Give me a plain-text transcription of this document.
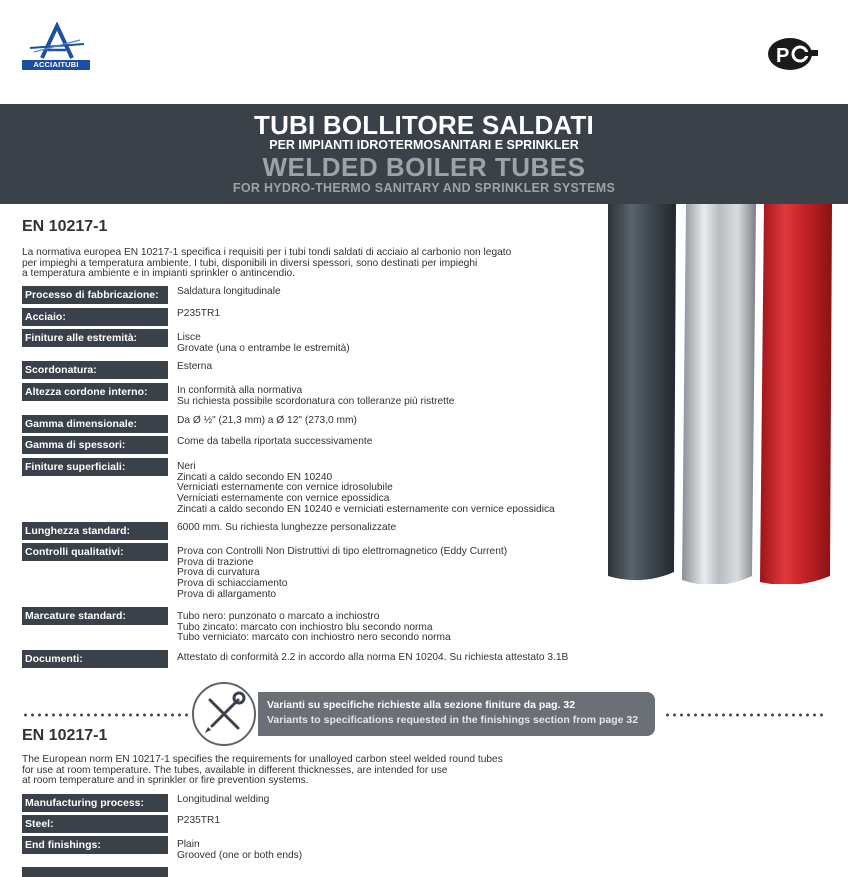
ACCIAITUBI	P
TUBI BOLLITORE SALDATI
PER IMPIANTI IDROTERMOSANITARI E SPRINKLER
WELDED BOILER TUBES
FOR HYDRO-THERMO SANITARY AND SPRINKLER SYSTEMS
EN 10217-1

La normativa europea EN 10217-1 specifica i requisiti per i tubi tondi saldati di acciaio al carbonio non legato
per impieghi a temperatura ambiente. I tubi, disponibili in diversi spessori, sono destinati per impieghi
a temperatura ambiente e in impianti sprinkler o antincendio.

Processo di fabbricazione:	Saldatura longitudinale
Acciaio:	P235TR1
Finiture alle estremità:	Lisce
Grovate (una o entrambe le estremità)
Scordonatura:	Esterna
Altezza cordone interno:	In conformità alla normativa
Su richiesta possibile scordonatura con tolleranze più ristrette
Gamma dimensionale:	Da Ø ½" (21,3 mm) a Ø 12" (273,0 mm)
Gamma di spessori:	Come da tabella riportata successivamente
Finiture superficiali:	Neri
Zincati a caldo secondo EN 10240
Verniciati esternamente con vernice idrosolubile
Verniciati esternamente con vernice epossidica
Zincati a caldo secondo EN 10240 e verniciati esternamente con vernice epossidica
Lunghezza standard:	6000 mm. Su richiesta lunghezze personalizzate
Controlli qualitativi:	Prova con Controlli Non Distruttivi di tipo elettromagnetico (Eddy Current)
Prova di trazione
Prova di curvatura
Prova di schiacciamento
Prova di allargamento
Marcature standard:	Tubo nero: punzonato o marcato a inchiostro
Tubo zincato: marcato con inchiostro blu secondo norma
Tubo verniciato: marcato con inchiostro nero secondo norma
Documenti:	Attestato di conformità 2.2 in accordo alla norma EN 10204. Su richiesta attestato 3.1B
Varianti su specifiche richieste alla sezione finiture da pag. 32
Variants to specifications requested in the finishings section from page 32
EN 10217-1

The European norm EN 10217-1 specifies the requirements for unalloyed carbon steel welded round tubes
for use at room temperature. The tubes, available in different thicknesses, are intended for use
at room temperature and in sprinkler or fire prevention systems.

Manufacturing process:	Longitudinal welding
Steel:	P235TR1
End finishings:	Plain
Grooved (one or both ends)
